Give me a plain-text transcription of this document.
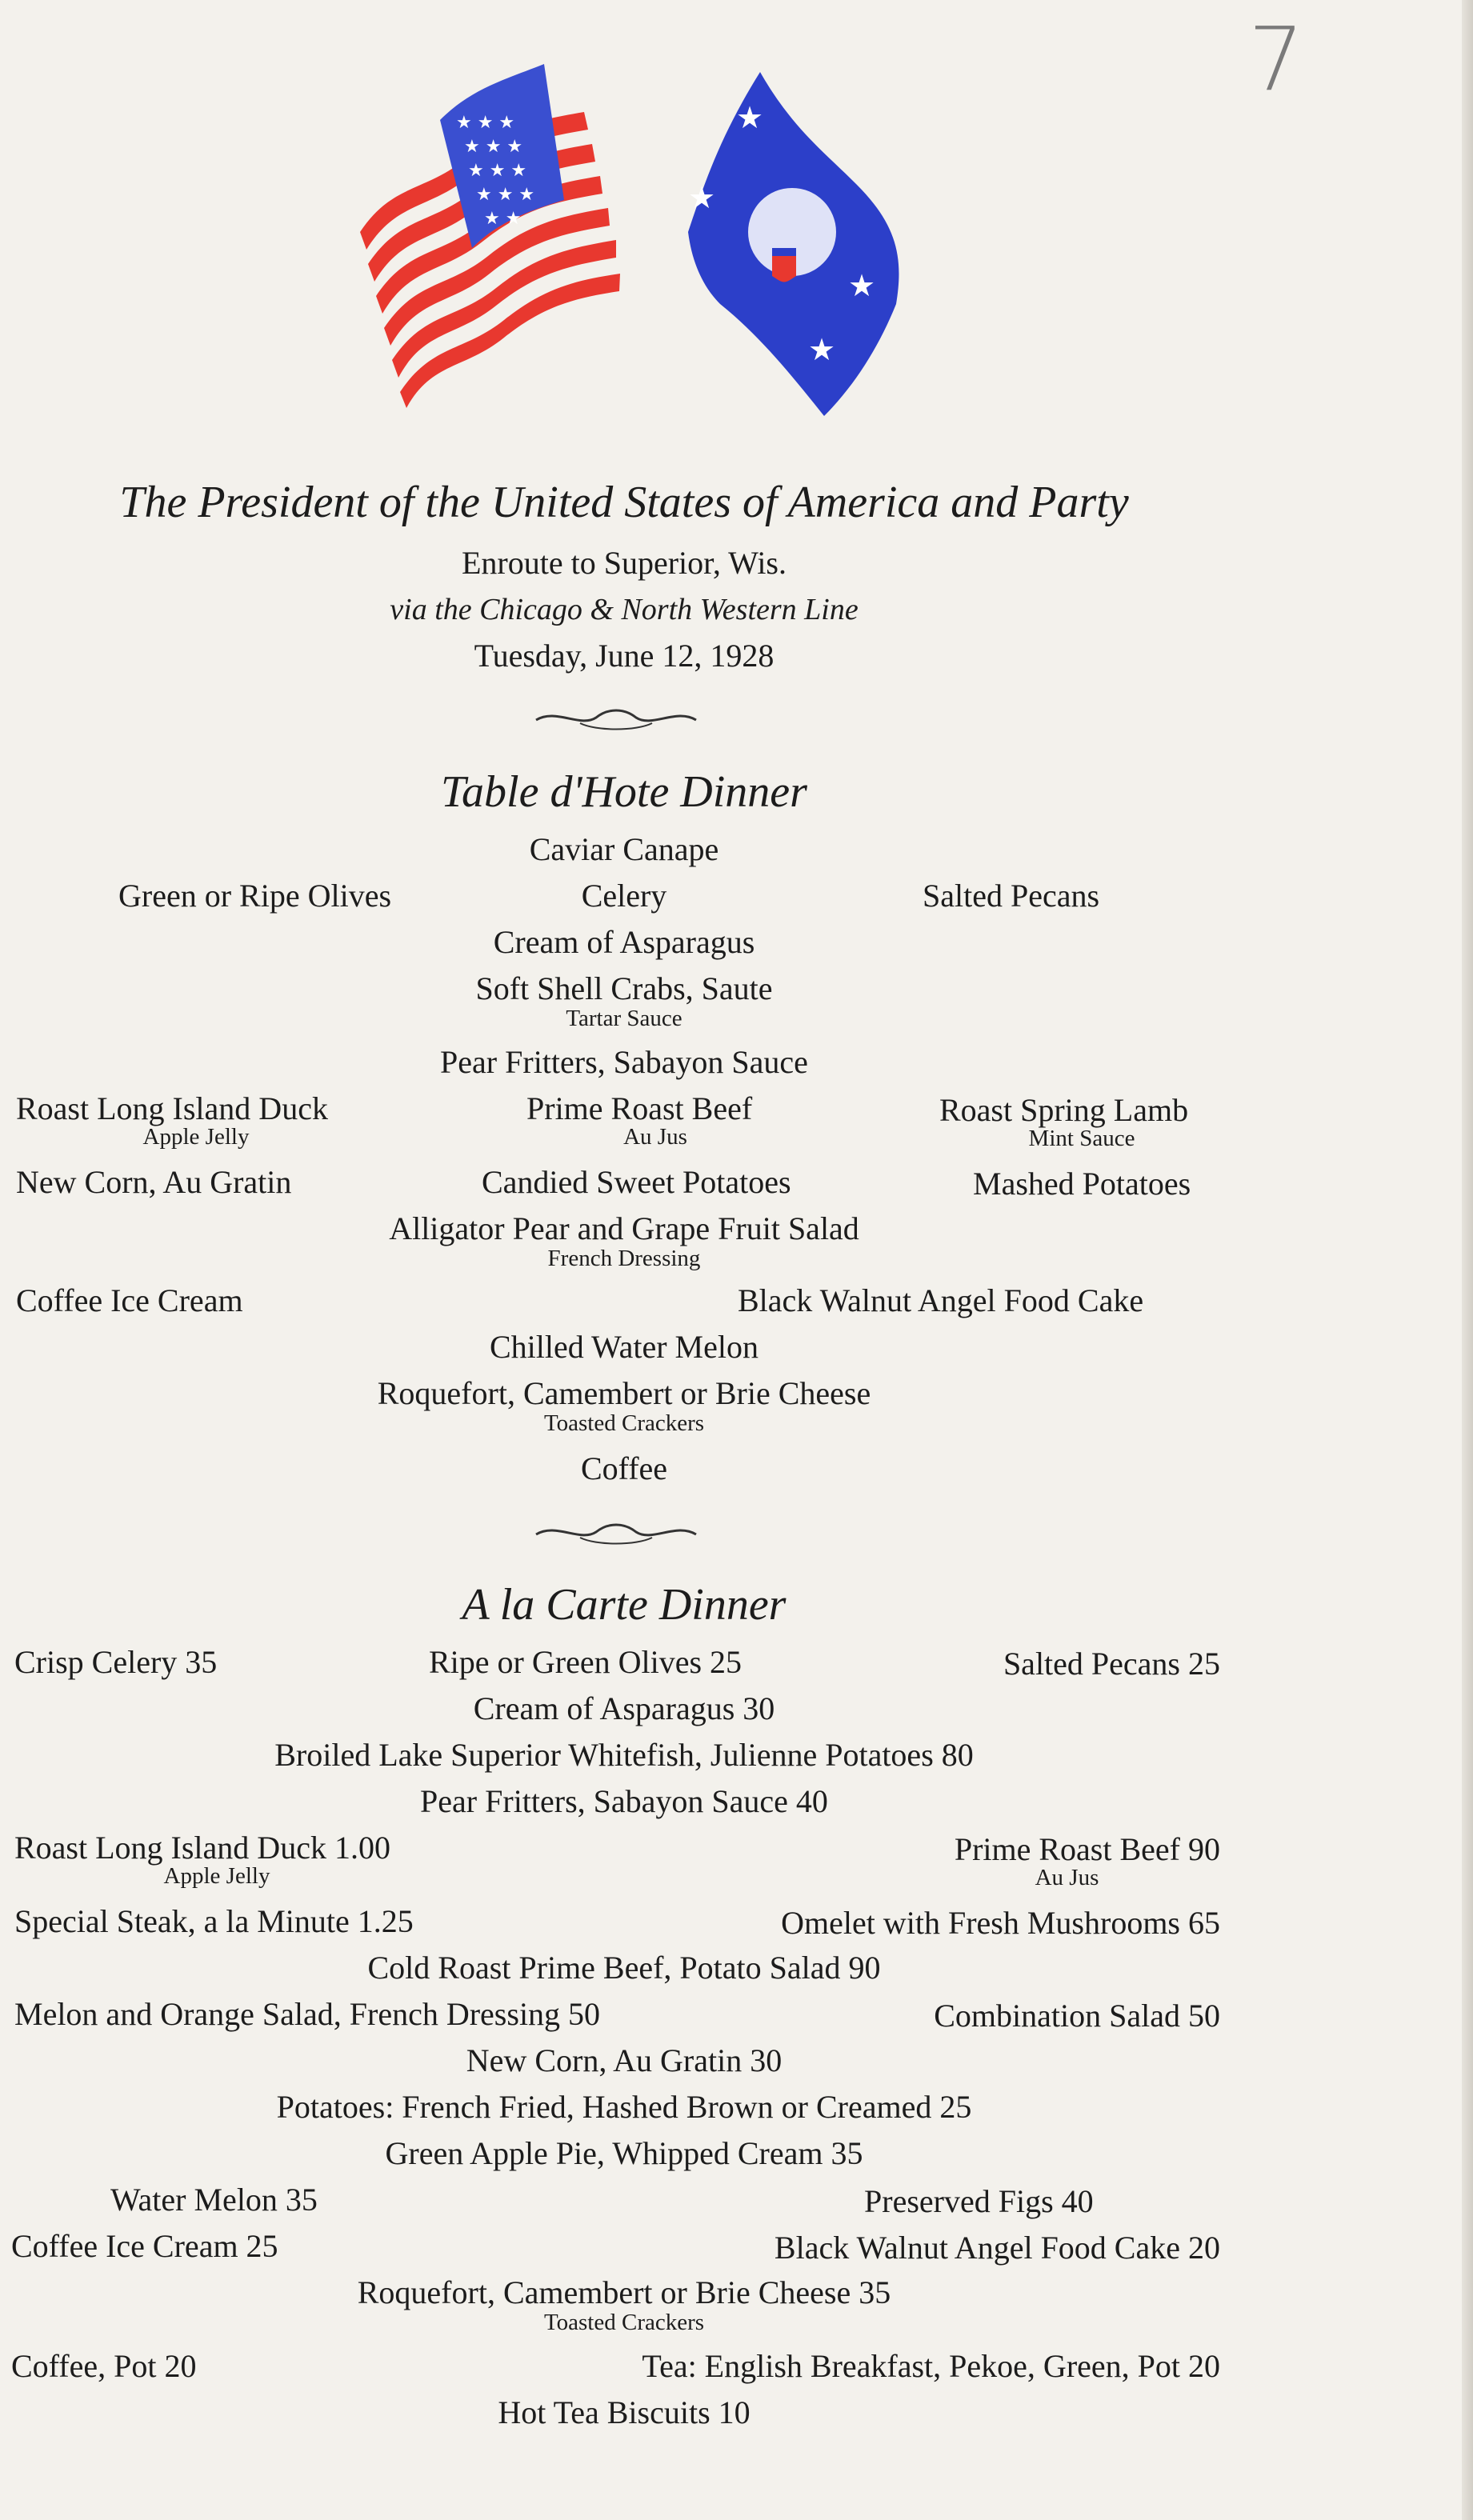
7
★ ★ ★
★ ★ ★
★ ★ ★
★ ★ ★
★ ★
★
★
★
★
The President of the United States of America and Party
Enroute to Superior, Wis.
via the Chicago & North Western Line
Tuesday, June 12, 1928
Table d'Hote Dinner
Caviar Canape
Green or Ripe Olives	Celery	Salted Pecans
Cream of Asparagus
Soft Shell Crabs, Saute
Tartar Sauce
Pear Fritters, Sabayon Sauce
Roast Long Island Duck
Apple Jelly
Prime Roast Beef
Au Jus
Roast Spring Lamb
Mint Sauce
New Corn, Au Gratin	Candied Sweet Potatoes	Mashed Potatoes
Alligator Pear and Grape Fruit Salad
French Dressing
Coffee Ice Cream	Black Walnut Angel Food Cake
Chilled Water Melon
Roquefort, Camembert or Brie Cheese
Toasted Crackers
Coffee
A la Carte Dinner
Crisp Celery 35	Ripe or Green Olives 25	Salted Pecans 25
Cream of Asparagus 30
Broiled Lake Superior Whitefish, Julienne Potatoes 80
Pear Fritters, Sabayon Sauce 40
Roast Long Island Duck 1.00
Apple Jelly
Prime Roast Beef 90
Au Jus
Special Steak, a la Minute 1.25	Omelet with Fresh Mushrooms 65
Cold Roast Prime Beef, Potato Salad 90
Melon and Orange Salad, French Dressing 50	Combination Salad 50
New Corn, Au Gratin 30
Potatoes: French Fried, Hashed Brown or Creamed 25
Green Apple Pie, Whipped Cream 35
Water Melon 35	Preserved Figs 40
Coffee Ice Cream 25	Black Walnut Angel Food Cake 20
Roquefort, Camembert or Brie Cheese 35
Toasted Crackers
Coffee, Pot 20	Tea: English Breakfast, Pekoe, Green, Pot 20
Hot Tea Biscuits 10
